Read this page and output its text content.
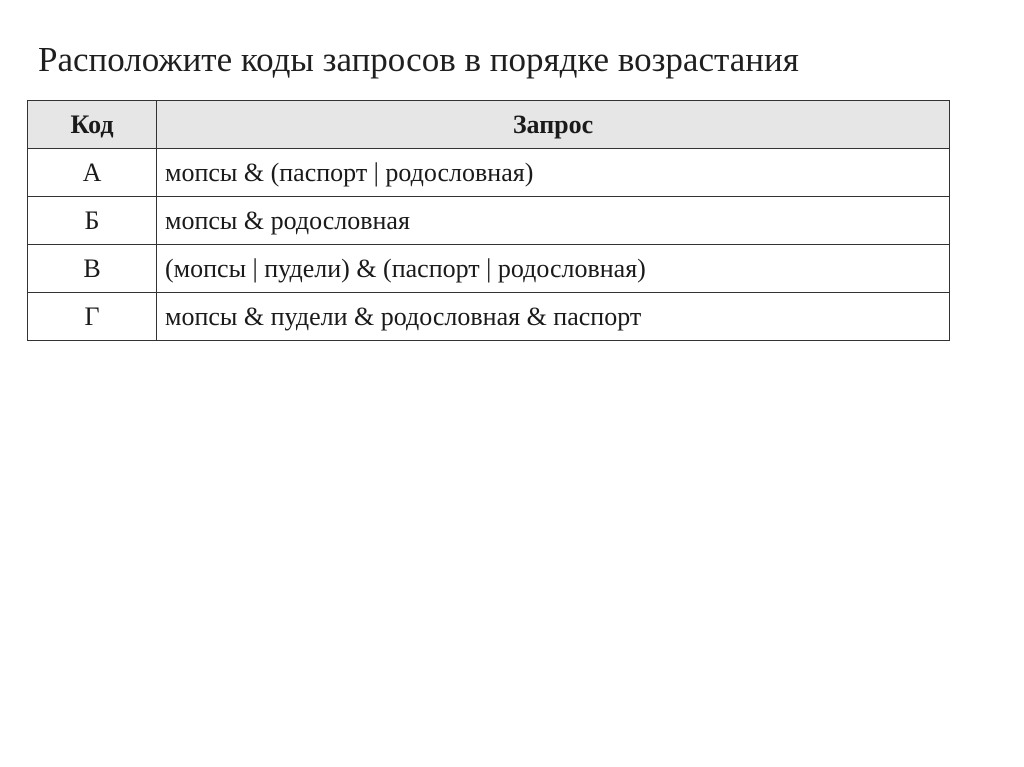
Расположите коды запросов в порядке возрастания
Код	Запрос
А	мопсы & (паспорт | родословная)
Б	мопсы & родословная
В	(мопсы | пудели) & (паспорт | родословная)
Г	мопсы & пудели & родословная & паспорт
